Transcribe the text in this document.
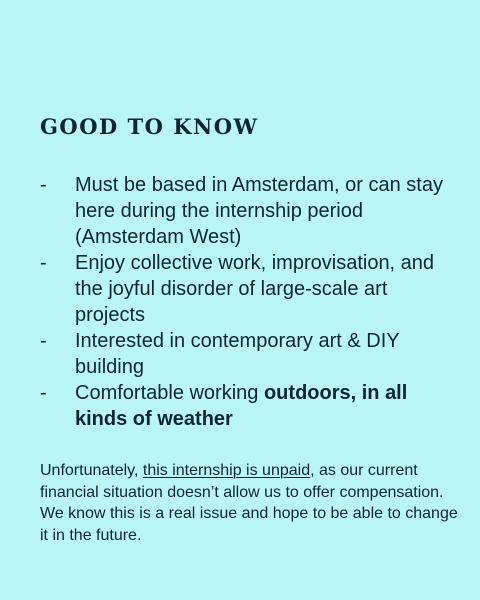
GOOD TO KNOW
-	Must be based in Amsterdam, or can stay here during the internship period (Amsterdam West)
-	Enjoy collective work, improvisation, and the joyful disorder of large-scale art projects
-	Interested in contemporary art & DIY building
-	Comfortable working outdoors, in all kinds of weather

Unfortunately, this internship is unpaid, as our current financial situation doesn’t allow us to offer compensation. We know this is a real issue and hope to be able to change it in the future.
